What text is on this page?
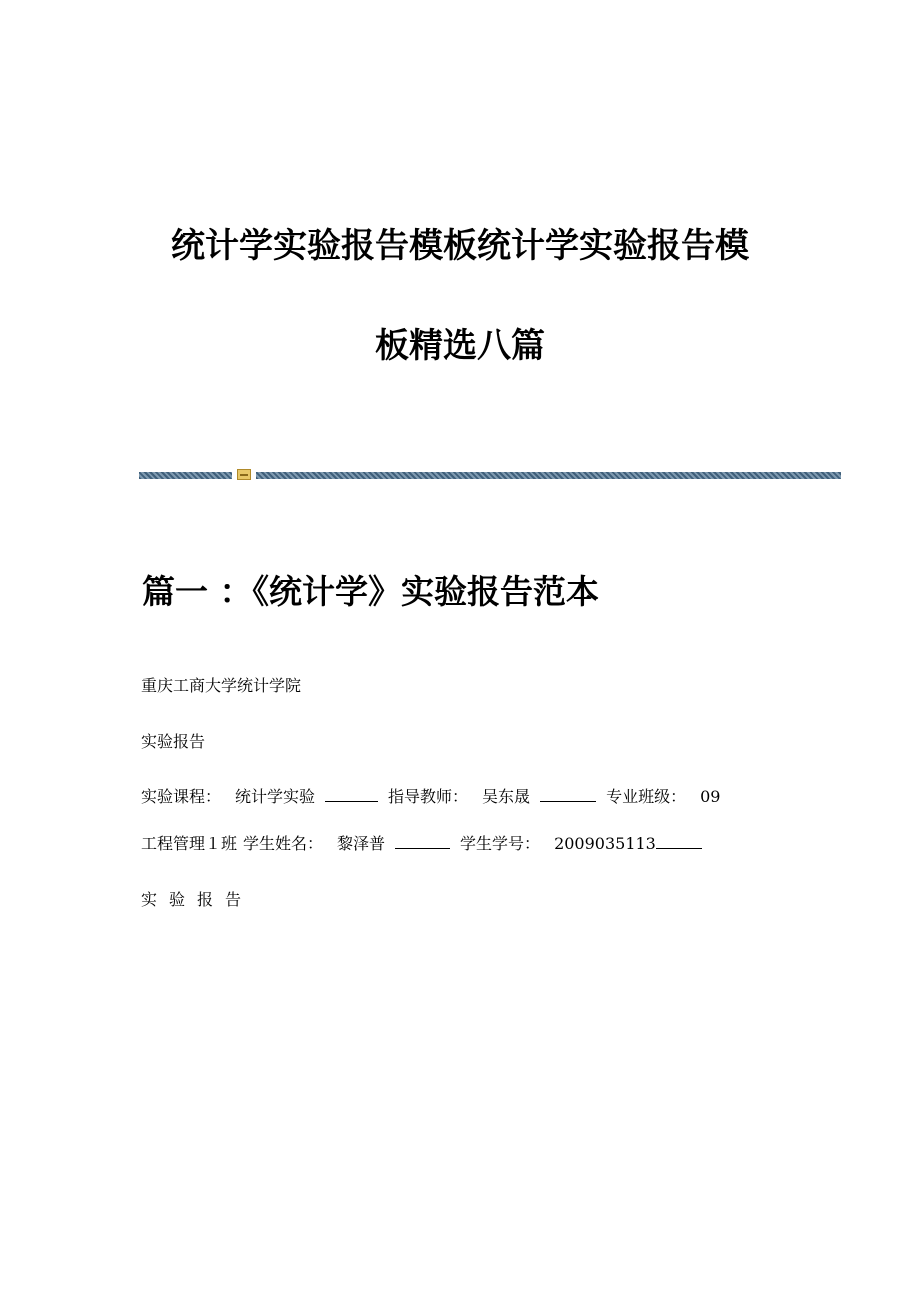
统计学实验报告模板统计学实验报告模
板精选八篇
篇一 ：《统计学》实验报告范本
重庆工商大学统计学院
实验报告
实验课程： 统计学实验	指导教师： 吴东晟	专业班级： 09
工程管理１班 学生姓名： 黎泽普	学生学号： 2009035113
实验报告
